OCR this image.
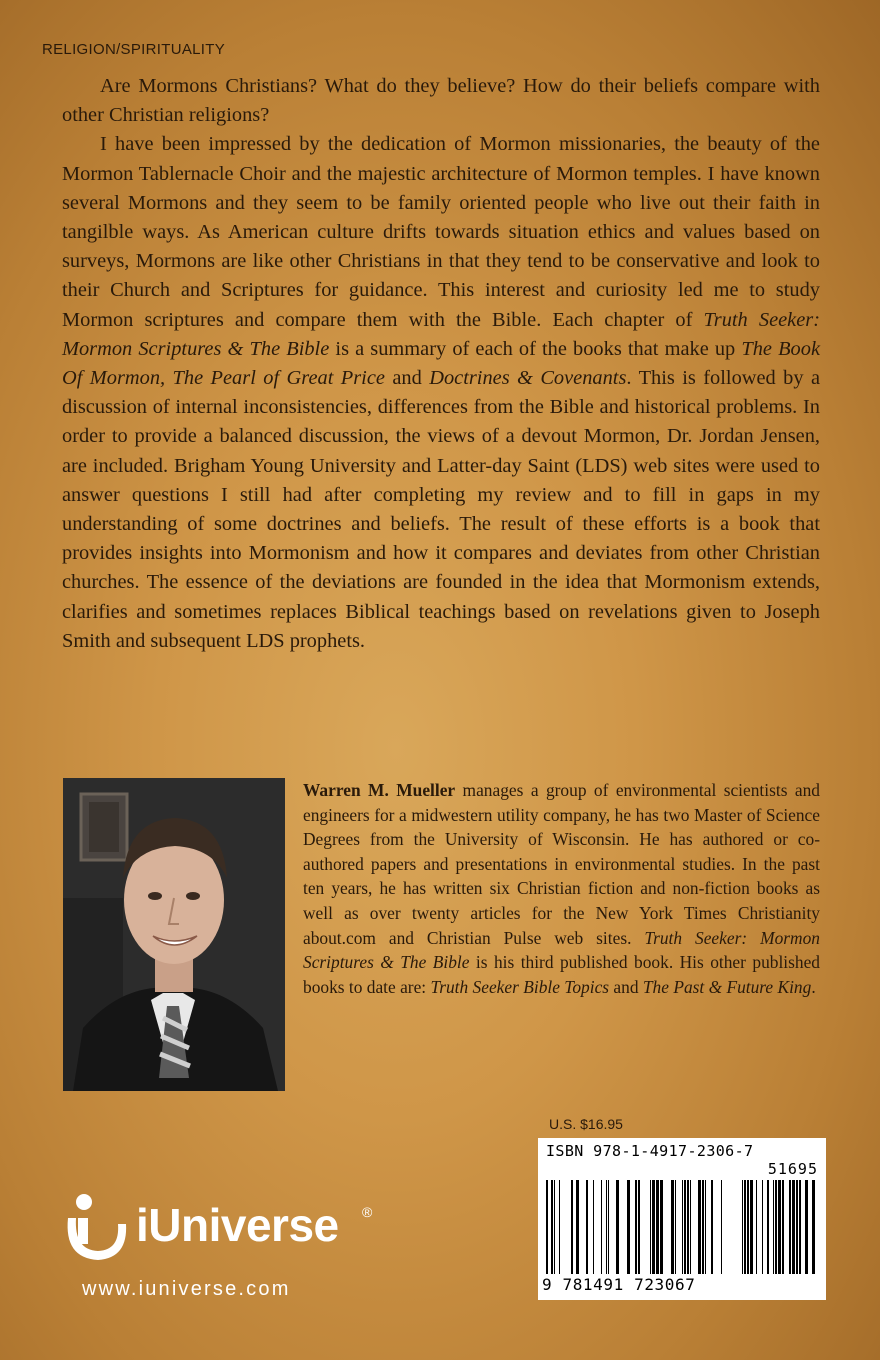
RELIGION/SPIRITUALITY

Are Mormons Christians? What do they believe? How do their beliefs compare with other Christian religions?

I have been impressed by the dedication of Mormon missionaries, the beauty of the Mormon Tablernacle Choir and the majestic architecture of Mormon temples. I have known several Mormons and they seem to be family oriented people who live out their faith in tangilble ways. As American culture drifts towards situation ethics and values based on surveys, Mormons are like other Christians in that they tend to be conservative and look to their Church and Scriptures for guidance. This interest and curiosity led me to study Mormon scriptures and compare them with the Bible. Each chapter of Truth Seeker: Mormon Scriptures & The Bible is a summary of each of the books that make up The Book Of Mormon, The Pearl of Great Price and Doctrines & Covenants. This is followed by a discussion of internal inconsistencies, differences from the Bible and historical problems. In order to provide a balanced discussion, the views of a devout Mormon, Dr. Jordan Jensen, are included. Brigham Young University and Latter-day Saint (LDS) web sites were used to answer questions I still had after completing my review and to fill in gaps in my understanding of some doctrines and beliefs. The result of these efforts is a book that provides insights into Mormonism and how it compares and deviates from other Christian churches. The essence of the deviations are founded in the idea that Mormonism extends, clarifies and sometimes replaces Biblical teachings based on revelations given to Joseph Smith and subsequent LDS prophets.

Warren M. Mueller manages a group of environmental scientists and engineers for a midwestern utility company, he has two Master of Science Degrees from the University of Wisconsin. He has authored or co-authored papers and presentations in environmental studies. In the past ten years, he has written six Christian fiction and non-fiction books as well as over twenty articles for the New York Times Christianity about.com and Christian Pulse web sites. Truth Seeker: Mormon Scriptures & The Bible is his third published book. His other published books to date are: Truth Seeker Bible Topics and The Past & Future King.
U.S. $16.95
ISBN 978-1-4917-2306-7
51695
9 781491 723067
iUniverse ®
www.iuniverse.com
